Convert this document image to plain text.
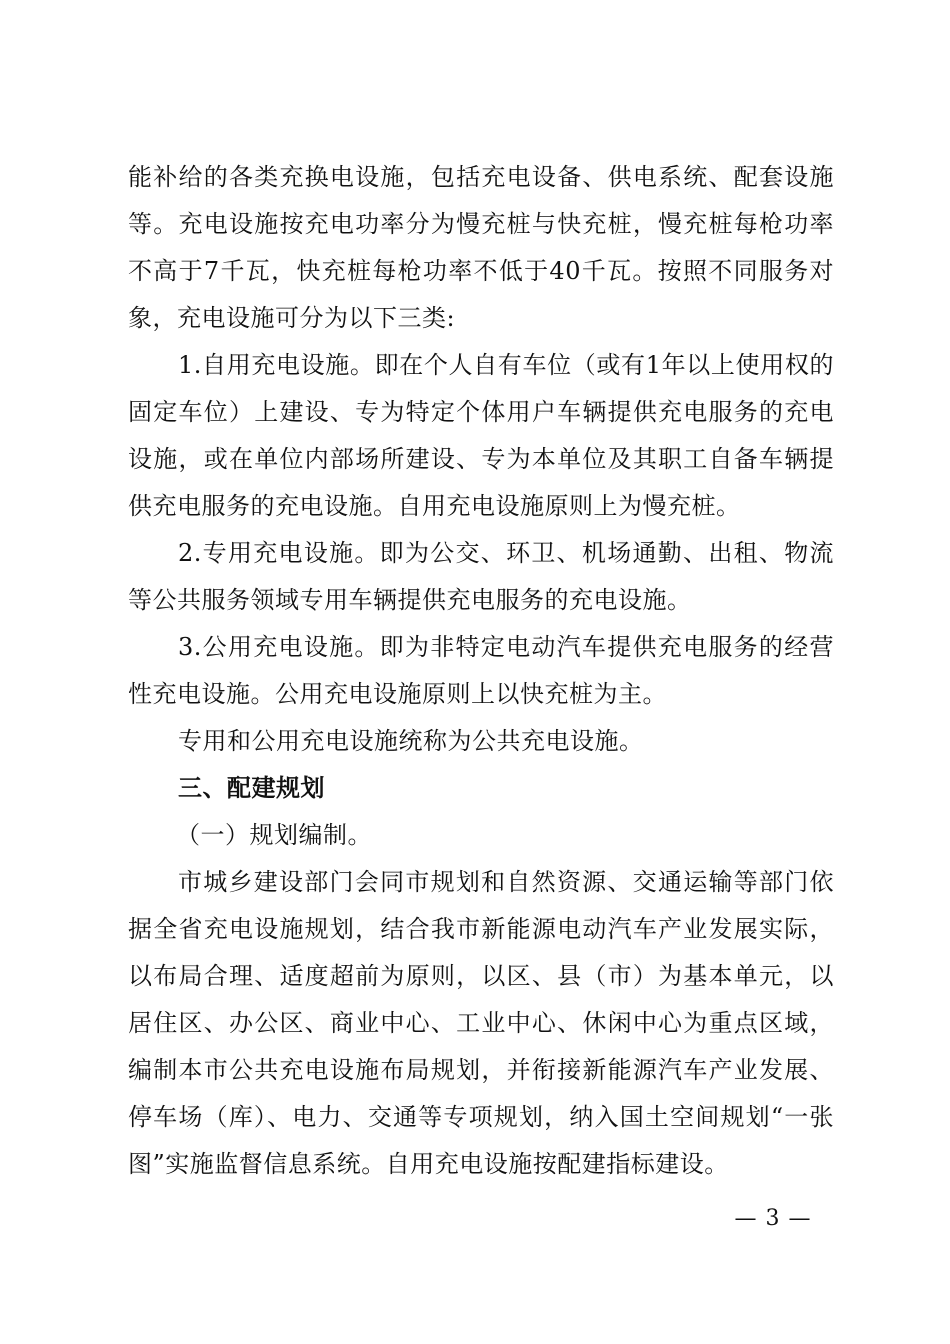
能补给的各类充换电设施，包括充电设备、供电系统、配套设施等。充电设施按充电功率分为慢充桩与快充桩，慢充桩每枪功率不高于7千瓦，快充桩每枪功率不低于40千瓦。按照不同服务对象，充电设施可分为以下三类:

1.自用充电设施。即在个人自有车位（或有1年以上使用权的固定车位）上建设、专为特定个体用户车辆提供充电服务的充电设施，或在单位内部场所建设、专为本单位及其职工自备车辆提供充电服务的充电设施。自用充电设施原则上为慢充桩。

2.专用充电设施。即为公交、环卫、机场通勤、出租、物流等公共服务领域专用车辆提供充电服务的充电设施。

3.公用充电设施。即为非特定电动汽车提供充电服务的经营性充电设施。公用充电设施原则上以快充桩为主。

专用和公用充电设施统称为公共充电设施。

三、配建规划

（一）规划编制。

市城乡建设部门会同市规划和自然资源、交通运输等部门依据全省充电设施规划，结合我市新能源电动汽车产业发展实际，以布局合理、适度超前为原则，以区、县（市）为基本单元，以居住区、办公区、商业中心、工业中心、休闲中心为重点区域，编制本市公共充电设施布局规划，并衔接新能源汽车产业发展、停车场（库）、电力、交通等专项规划，纳入国土空间规划“一张图”实施监督信息系统。自用充电设施按配建指标建设。

— 3 —
